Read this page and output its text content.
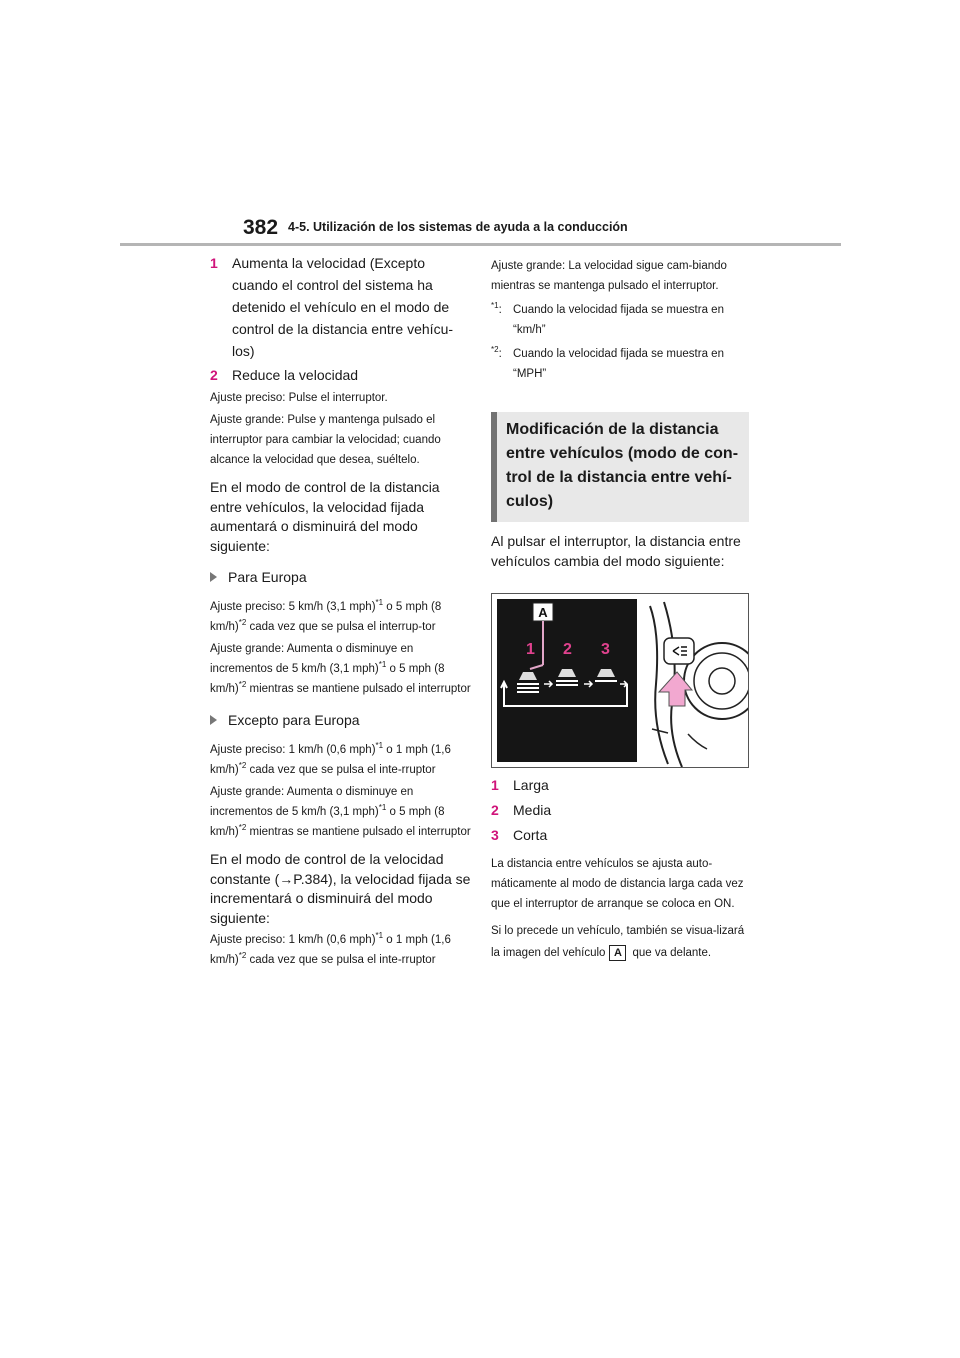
382 4-5. Utilización de los sistemas de ayuda a la conducción
1	Aumenta la velocidad (Excepto cuando el control del sistema ha detenido el vehículo en el modo de control de la distancia entre vehícu-los)
2	Reduce la velocidad

Ajuste preciso: Pulse el interruptor.

Ajuste grande: Pulse y mantenga pulsado el interruptor para cambiar la velocidad; cuando alcance la velocidad que desea, suéltelo.

En el modo de control de la distancia entre vehículos, la velocidad fijada aumentará o disminuirá del modo siguiente:

Para Europa

Ajuste preciso: 5 km/h (3,1 mph)$^{*1}$ o 5 mph (8 km/h)$^{*2}$ cada vez que se pulsa el interrup-tor

Ajuste grande: Aumenta o disminuye en incrementos de 5 km/h (3,1 mph)$^{*1}$ o 5 mph (8 km/h)$^{*2}$ mientras se mantiene pulsado el interruptor

Excepto para Europa

Ajuste preciso: 1 km/h (0,6 mph)$^{*1}$ o 1 mph (1,6 km/h)$^{*2}$ cada vez que se pulsa el inte-rruptor

Ajuste grande: Aumenta o disminuye en incrementos de 5 km/h (3,1 mph)$^{*1}$ o 5 mph (8 km/h)$^{*2}$ mientras se mantiene pulsado el interruptor

En el modo de control de la velocidad constante (→P.384), la velocidad fijada se incrementará o disminuirá del modo siguiente:

Ajuste preciso: 1 km/h (0,6 mph)$^{*1}$ o 1 mph (1,6 km/h)$^{*2}$ cada vez que se pulsa el inte-rruptor

Ajuste grande: La velocidad sigue cam-biando mientras se mantenga pulsado el interruptor.

$^{*1}$: Cuando la velocidad fijada se muestra en “km/h”
$^{*2}$: Cuando la velocidad fijada se muestra en “MPH”
Modificación de la distancia entre vehículos (modo de con-trol de la distancia entre vehí-culos)

Al pulsar el interruptor, la distancia entre vehículos cambia del modo siguiente:

A
1 2 3
1	Larga
2	Media
3	Corta

La distancia entre vehículos se ajusta auto-máticamente al modo de distancia larga cada vez que el interruptor de arranque se coloca en ON.

Si lo precede un vehículo, también se visua-lizará la imagen del vehículo A que va delante.
